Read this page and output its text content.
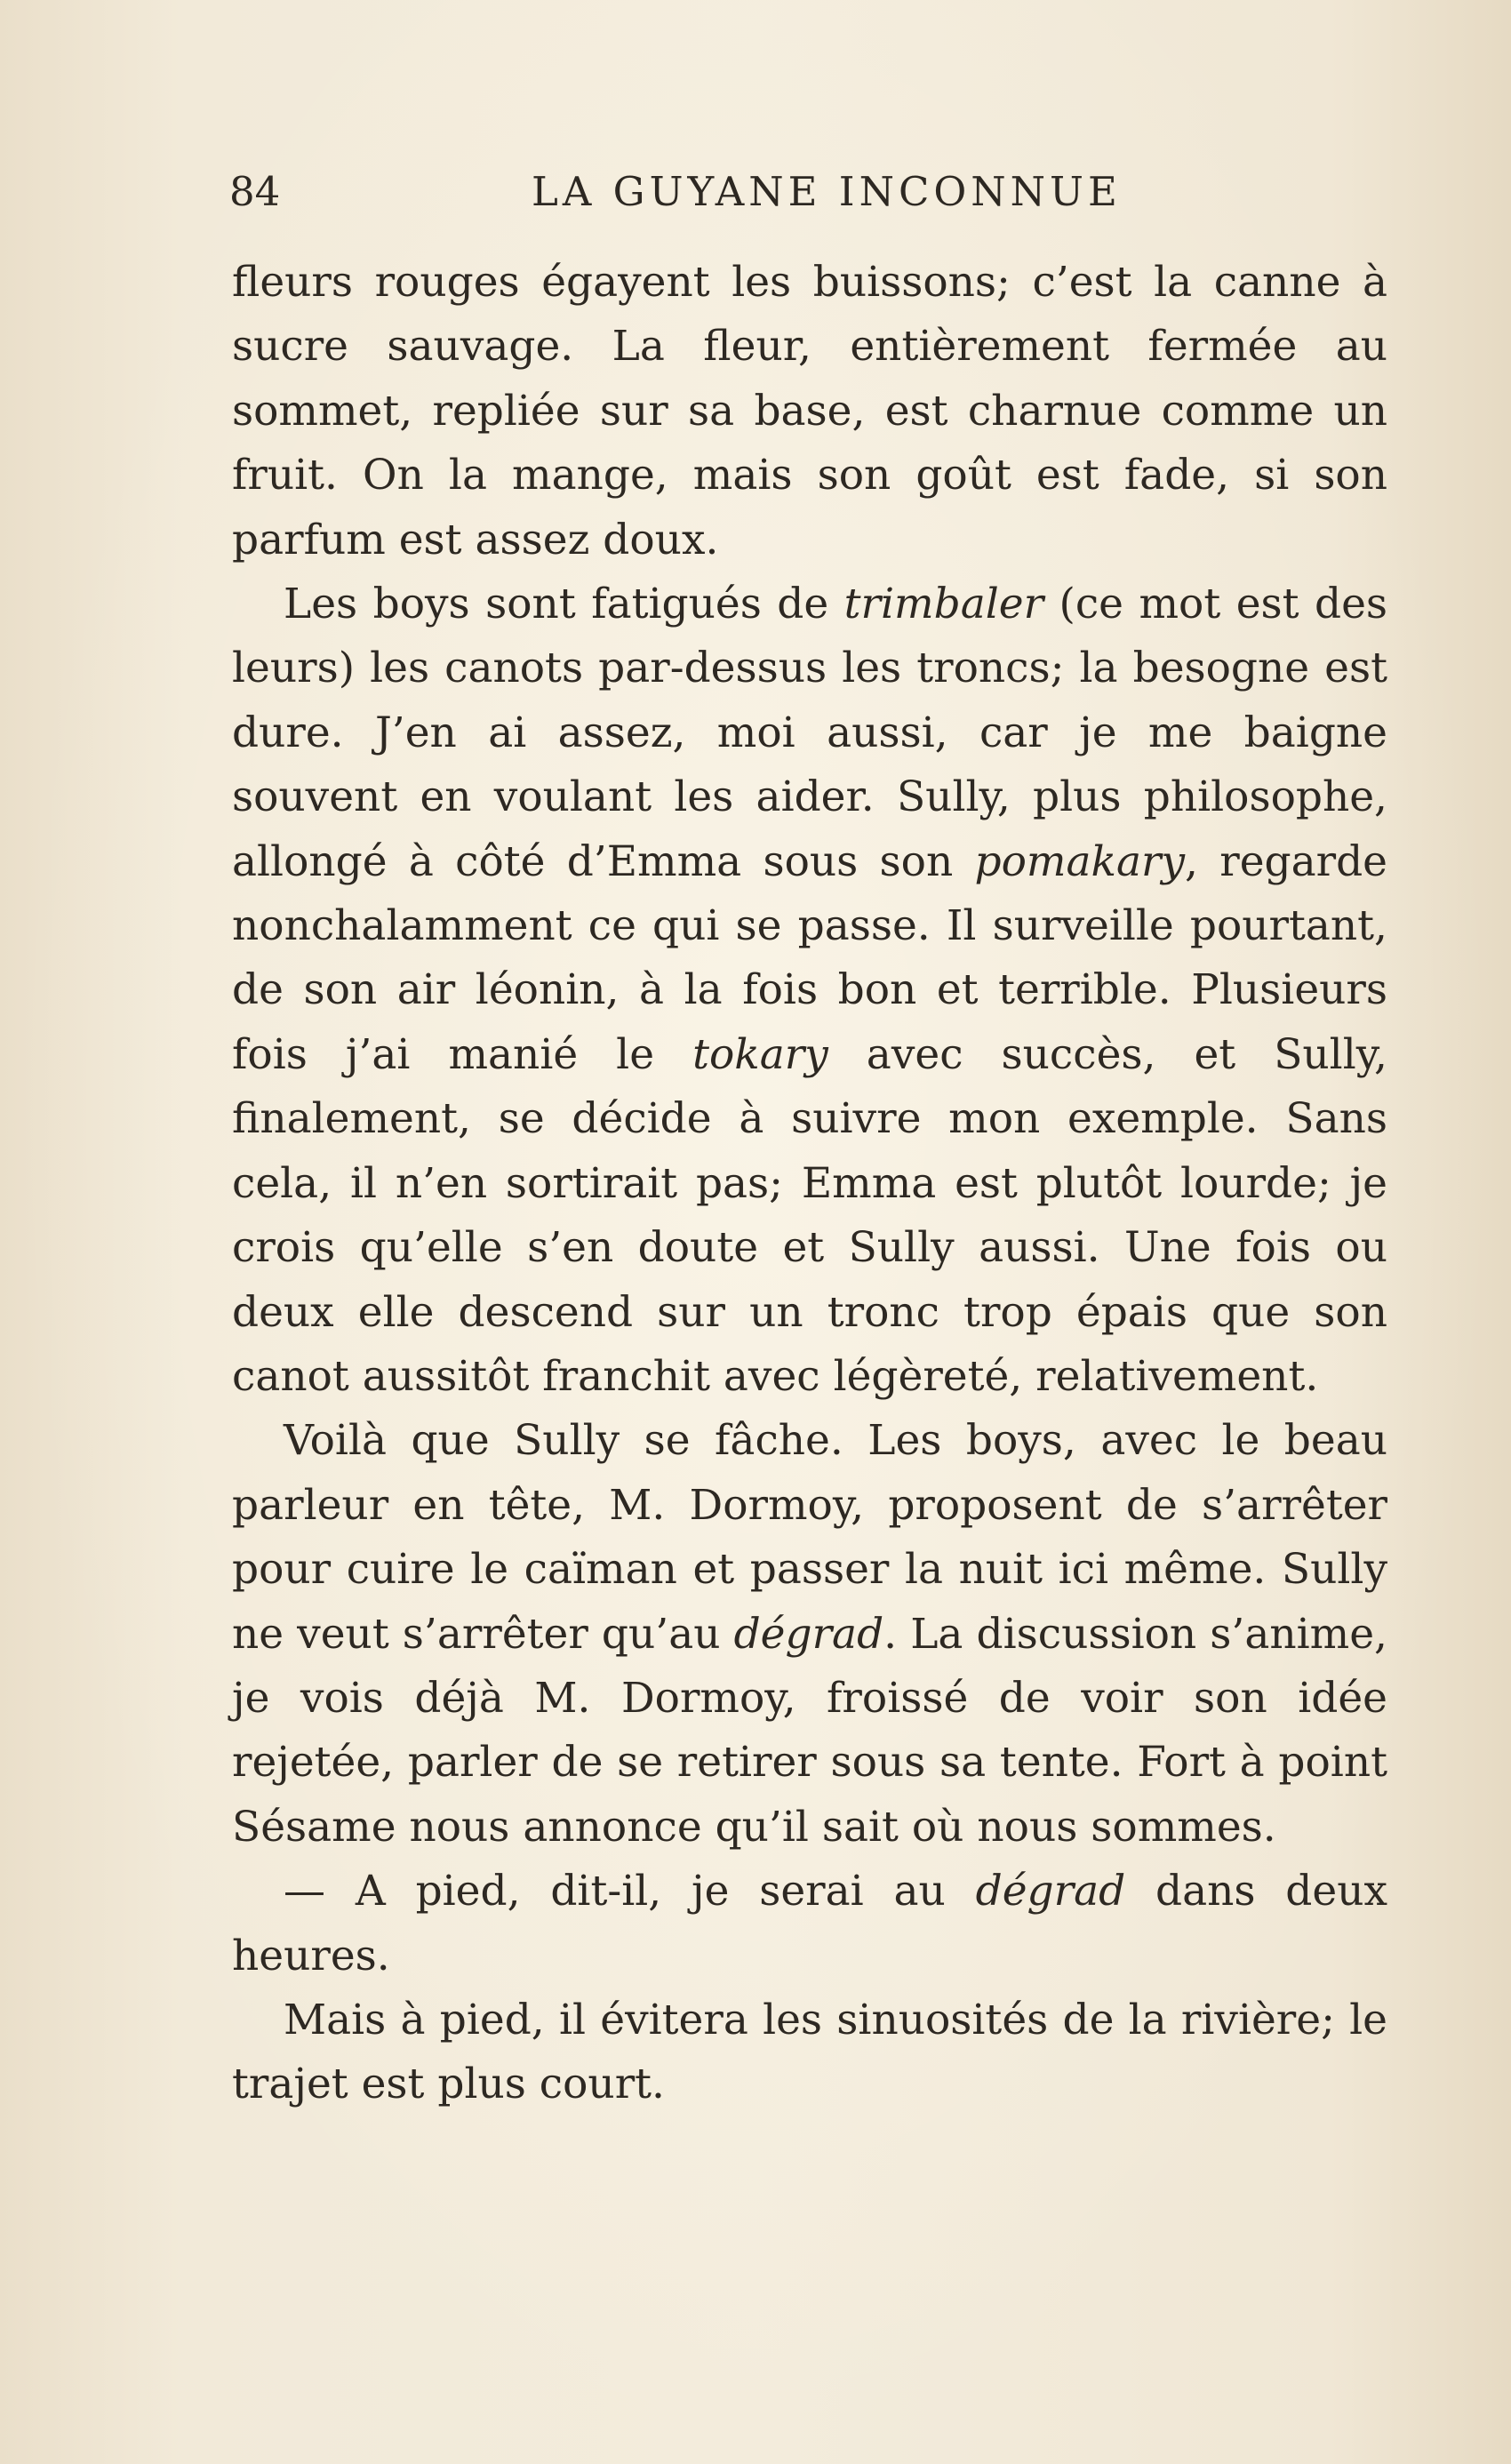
84	LA GUYANE INCONNUE

fleurs rouges égayent les buissons; c’est la canne à sucre sauvage. La fleur, entièrement fermée au sommet, repliée sur sa base, est charnue comme un fruit. On la mange, mais son goût est fade, si son parfum est assez doux.

Les boys sont fatigués de trimbaler (ce mot est des leurs) les canots par-dessus les troncs; la besogne est dure. J’en ai assez, moi aussi, car je me baigne souvent en voulant les aider. Sully, plus philosophe, allongé à côté d’Emma sous son pomakary, regarde nonchalamment ce qui se passe. Il surveille pourtant, de son air léonin, à la fois bon et terrible. Plusieurs fois j’ai manié le tokary avec succès, et Sully, finalement, se décide à suivre mon exemple. Sans cela, il n’en sortirait pas; Emma est plutôt lourde; je crois qu’elle s’en doute et Sully aussi. Une fois ou deux elle descend sur un tronc trop épais que son canot aussitôt franchit avec légèreté, relativement.

Voilà que Sully se fâche. Les boys, avec le beau parleur en tête, M. Dormoy, proposent de s’arrêter pour cuire le caïman et passer la nuit ici même. Sully ne veut s’arrêter qu’au dégrad. La discussion s’anime, je vois déjà M. Dormoy, froissé de voir son idée rejetée, parler de se retirer sous sa tente. Fort à point Sésame nous annonce qu’il sait où nous sommes.

— A pied, dit-il, je serai au dégrad dans deux heures.

Mais à pied, il évitera les sinuosités de la rivière; le trajet est plus court.
